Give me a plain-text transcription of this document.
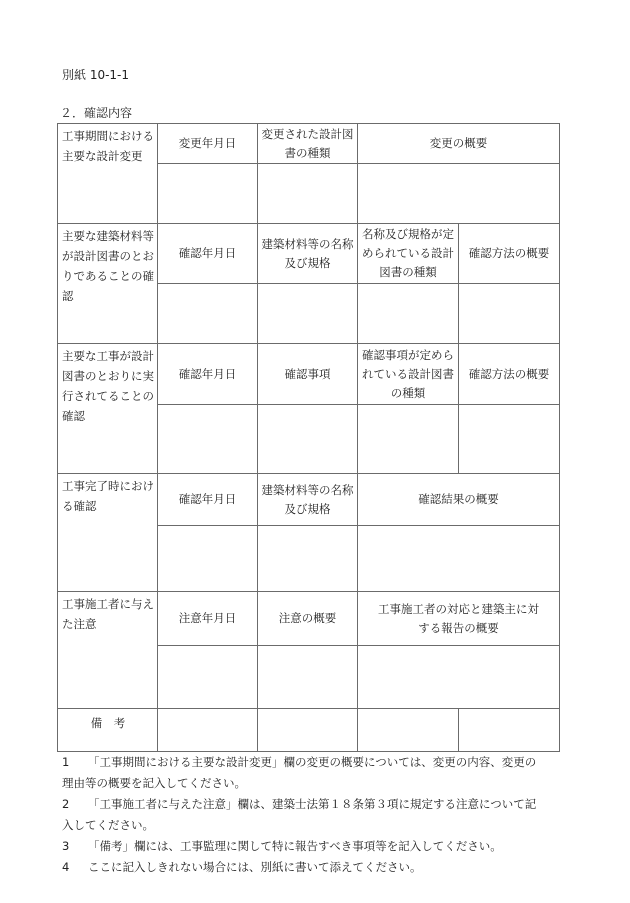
別紙 10-1-1
２．確認内容
工事期間における主要な設計変更	変更年月日	変更された設計図書の種類	変更の概要	

主要な建築材料等が設計図書のとおりであることの確認	確認年月日	建築材料等の名称及び規格	名称及び規格が定められている設計図書の種類	確認方法の概要

主要な工事が設計図書のとおりに実行されてることの確認	確認年月日	確認事項	確認事項が定められている設計図書の種類	確認方法の概要

工事完了時における確認	確認年月日	建築材料等の名称及び規格	確認結果の概要	

工事施工者に与えた注意	注意年月日	注意の概要	工事施工者の対応と建築主に対する報告の概要	

備　考				
1	「工事期間における主要な設計変更」欄の変更の概要については、変更の内容、変更の
理由等の概要を記入してください。
2	「工事施工者に与えた注意」欄は、建築士法第１８条第３項に規定する注意について記
入してください。
3	「備考」欄には、工事監理に関して特に報告すべき事項等を記入してください。
4	ここに記入しきれない場合には、別紙に書いて添えてください。
